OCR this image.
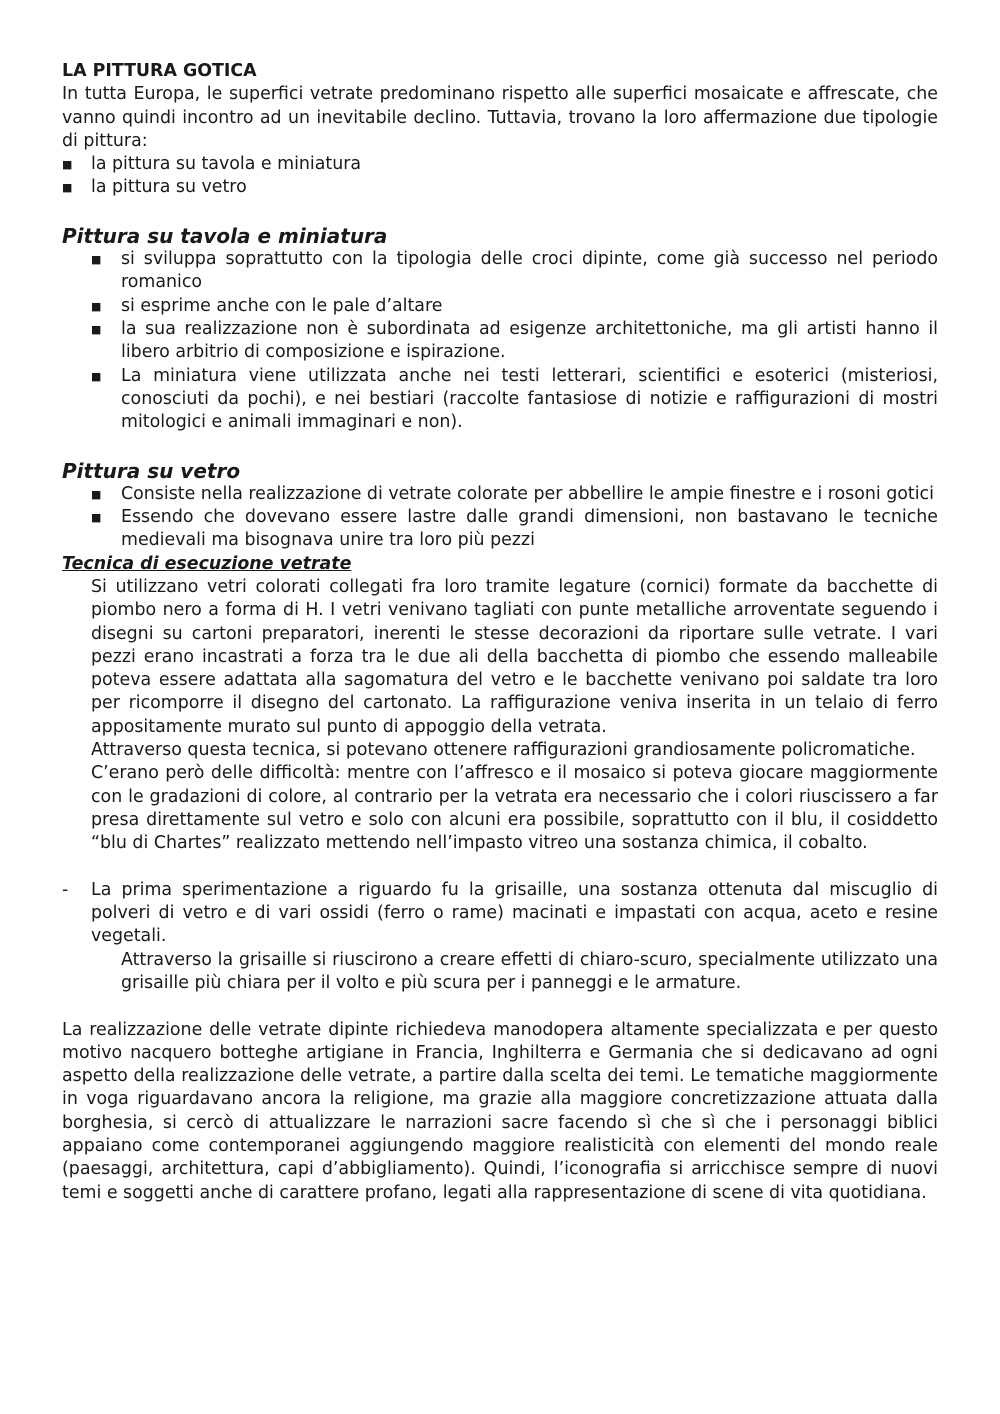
LA PITTURA GOTICA

In tutta Europa, le superfici vetrate predominano rispetto alle superfici mosaicate e affrescate, che vanno quindi incontro ad un inevitabile declino. Tuttavia, trovano la loro affermazione due tipologie di pittura:

■ la pittura su tavola e miniatura
■ la pittura su vetro

Pittura su tavola e miniatura

■ si sviluppa soprattutto con la tipologia delle croci dipinte, come già successo nel periodo romanico
■ si esprime anche con le pale d’altare
■ la sua realizzazione non è subordinata ad esigenze architettoniche, ma gli artisti hanno il libero arbitrio di composizione e ispirazione.
■ La miniatura viene utilizzata anche nei testi letterari, scientifici e esoterici (misteriosi, conosciuti da pochi), e nei bestiari (raccolte fantasiose di notizie e raffigurazioni di mostri mitologici e animali immaginari e non).

Pittura su vetro

■ Consiste nella realizzazione di vetrate colorate per abbellire le ampie finestre e i rosoni gotici
■ Essendo che dovevano essere lastre dalle grandi dimensioni, non bastavano le tecniche medievali ma bisognava unire tra loro più pezzi

Tecnica di esecuzione vetrate

Si utilizzano vetri colorati collegati fra loro tramite legature (cornici) formate da bacchette di piombo nero a forma di H. I vetri venivano tagliati con punte metalliche arroventate seguendo i disegni su cartoni preparatori, inerenti le stesse decorazioni da riportare sulle vetrate. I vari pezzi erano incastrati a forza tra le due ali della bacchetta di piombo che essendo malleabile poteva essere adattata alla sagomatura del vetro e le bacchette venivano poi saldate tra loro per ricomporre il disegno del cartonato. La raffigurazione veniva inserita in un telaio di ferro appositamente murato sul punto di appoggio della vetrata.

Attraverso questa tecnica, si potevano ottenere raffigurazioni grandiosamente policromatiche.

C’erano però delle difficoltà: mentre con l’affresco e il mosaico si poteva giocare maggiormente con le gradazioni di colore, al contrario per la vetrata era necessario che i colori riuscissero a far presa direttamente sul vetro e solo con alcuni era possibile, soprattutto con il blu, il cosiddetto “blu di Chartes” realizzato mettendo nell’impasto vitreo una sostanza chimica, il cobalto.

- La prima sperimentazione a riguardo fu la grisaille, una sostanza ottenuta dal miscuglio di polveri di vetro e di vari ossidi (ferro o rame) macinati e impastati con acqua, aceto e resine vegetali.

Attraverso la grisaille si riuscirono a creare effetti di chiaro-scuro, specialmente utilizzato una grisaille più chiara per il volto e più scura per i panneggi e le armature.

La realizzazione delle vetrate dipinte richiedeva manodopera altamente specializzata e per questo motivo nacquero botteghe artigiane in Francia, Inghilterra e Germania che si dedicavano ad ogni aspetto della realizzazione delle vetrate, a partire dalla scelta dei temi. Le tematiche maggiormente in voga riguardavano ancora la religione, ma grazie alla maggiore concretizzazione attuata dalla borghesia, si cercò di attualizzare le narrazioni sacre facendo sì che sì che i personaggi biblici appaiano come contemporanei aggiungendo maggiore realisticità con elementi del mondo reale (paesaggi, architettura, capi d’abbigliamento). Quindi, l’iconografia si arricchisce sempre di nuovi temi e soggetti anche di carattere profano, legati alla rappresentazione di scene di vita quotidiana.
